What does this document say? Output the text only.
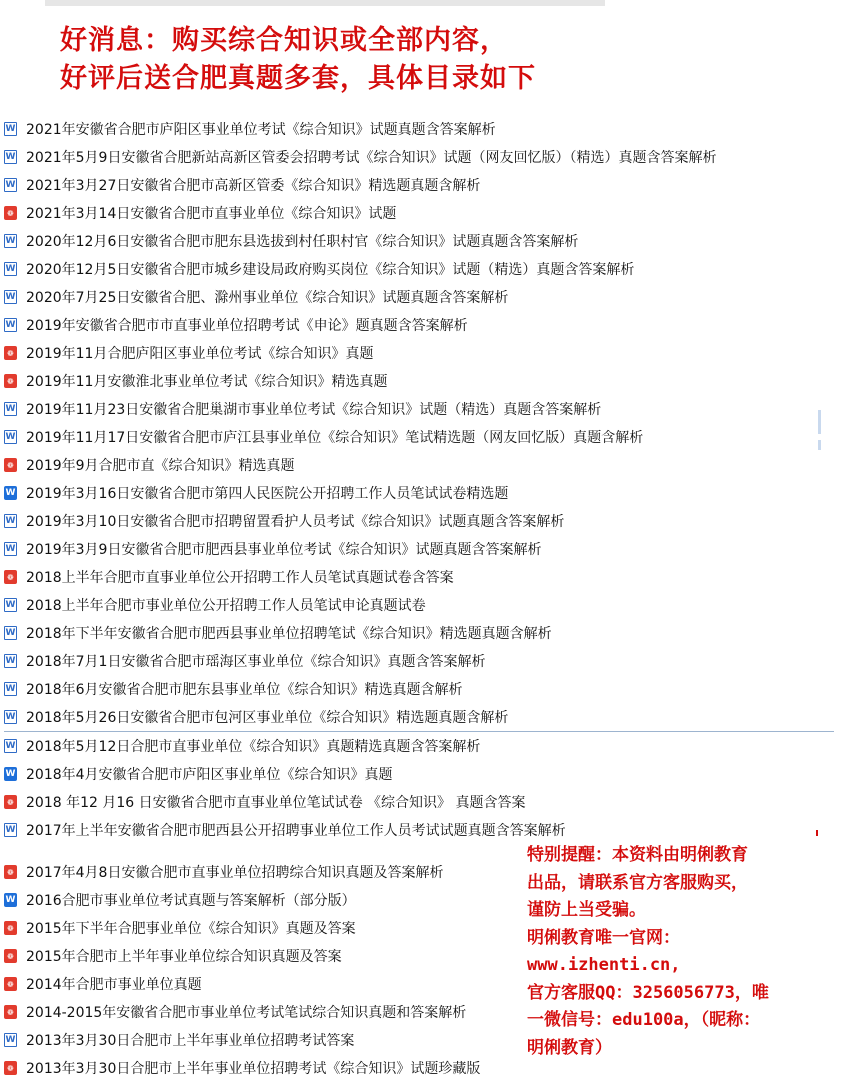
好消息：购买综合知识或全部内容，
好评后送合肥真题多套，具体目录如下
W 2021年安徽省合肥市庐阳区事业单位考试《综合知识》试题真题含答案解析
W 2021年5月9日安徽省合肥新站高新区管委会招聘考试《综合知识》试题（网友回忆版）（精选）真题含答案解析
W 2021年3月27日安徽省合肥市高新区管委《综合知识》精选题真题含解析
❁ 2021年3月14日安徽省合肥市直事业单位《综合知识》试题
W 2020年12月6日安徽省合肥市肥东县选拔到村任职村官《综合知识》试题真题含答案解析
W 2020年12月5日安徽省合肥市城乡建设局政府购买岗位《综合知识》试题（精选）真题含答案解析
W 2020年7月25日安徽省合肥、滁州事业单位《综合知识》试题真题含答案解析
W 2019年安徽省合肥市市直事业单位招聘考试《申论》题真题含答案解析
❁ 2019年11月合肥庐阳区事业单位考试《综合知识》真题
❁ 2019年11月安徽淮北事业单位考试《综合知识》精选真题
W 2019年11月23日安徽省合肥巢湖市事业单位考试《综合知识》试题（精选）真题含答案解析
W 2019年11月17日安徽省合肥市庐江县事业单位《综合知识》笔试精选题（网友回忆版）真题含解析
❁ 2019年9月合肥市直《综合知识》精选真题
W 2019年3月16日安徽省合肥市第四人民医院公开招聘工作人员笔试试卷精选题
W 2019年3月10日安徽省合肥市招聘留置看护人员考试《综合知识》试题真题含答案解析
W 2019年3月9日安徽省合肥市肥西县事业单位考试《综合知识》试题真题含答案解析
❁ 2018上半年合肥市直事业单位公开招聘工作人员笔试真题试卷含答案
W 2018上半年合肥市事业单位公开招聘工作人员笔试申论真题试卷
W 2018年下半年安徽省合肥市肥西县事业单位招聘笔试《综合知识》精选题真题含解析
W 2018年7月1日安徽省合肥市瑶海区事业单位《综合知识》真题含答案解析
W 2018年6月安徽省合肥市肥东县事业单位《综合知识》精选真题含解析
W 2018年5月26日安徽省合肥市包河区事业单位《综合知识》精选题真题含解析
W 2018年5月12日合肥市直事业单位《综合知识》真题精选真题含答案解析
W 2018年4月安徽省合肥市庐阳区事业单位《综合知识》真题
❁ 2018 年12 月16 日安徽省合肥市直事业单位笔试试卷 《综合知识》 真题含答案
W 2017年上半年安徽省合肥市肥西县公开招聘事业单位工作人员考试试题真题含答案解析
❁ 2017年4月8日安徽合肥市直事业单位招聘综合知识真题及答案解析
W 2016合肥市事业单位考试真题与答案解析（部分版）
❁ 2015年下半年合肥事业单位《综合知识》真题及答案
❁ 2015年合肥市上半年事业单位综合知识真题及答案
❁ 2014年合肥市事业单位真题
❁ 2014-2015年安徽省合肥市事业单位考试笔试综合知识真题和答案解析
W 2013年3月30日合肥市上半年事业单位招聘考试答案
❁ 2013年3月30日合肥市上半年事业单位招聘考试《综合知识》试题珍藏版
特别提醒：本资料由明俐教育
出品，请联系官方客服购买，
谨防上当受骗。
明俐教育唯一官网：
www.izhenti.cn,
官方客服QQ：3256056773，唯
一微信号：edu100a，（昵称：
明俐教育）
